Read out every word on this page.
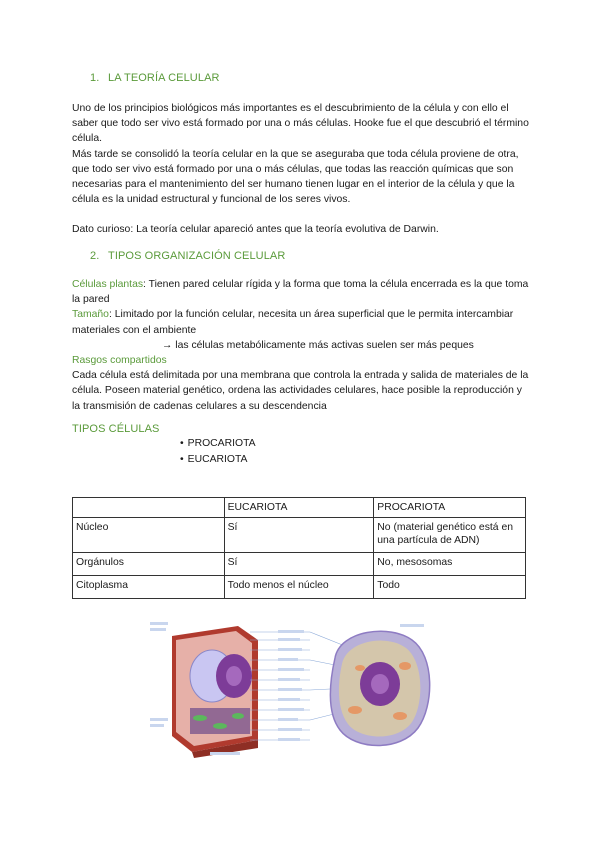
1. LA TEORÍA CELULAR

Uno de los principios biológicos más importantes es el descubrimiento de la célula y con ello el saber que todo ser vivo está formado por una o más células. Hooke fue el que descubrió el término célula.

Más tarde se consolidó la teoría celular en la que se aseguraba que toda célula proviene de otra, que todo ser vivo está formado por una o más células, que todas las reacción químicas que son necesarias para el mantenimiento del ser humano tienen lugar en el interior de la célula y que la célula es la unidad estructural y funcional de los seres vivos.

Dato curioso: La teoría celular apareció antes que la teoría evolutiva de Darwin.

2. TIPOS ORGANIZACIÓN CELULAR

Células plantas: Tienen pared celular rígida y la forma que toma la célula encerrada es la que toma la pared

Tamaño: Limitado por la función celular, necesita un área superficial que le permita intercambiar materiales con el ambiente

→ las células metabólicamente más activas suelen ser más peques

Rasgos compartidos

Cada célula está delimitada por una membrana que controla la entrada y salida de materiales de la célula. Poseen material genético, ordena las actividades celulares, hace posible la reproducción y la transmisión de cadenas celulares a su descendencia

TIPOS CÉLULAS
• PROCARIOTA
• EUCARIOTA
	EUCARIOTA	PROCARIOTA
Núcleo	Sí	No (material genético está en una partícula de ADN)
Orgánulos	Sí	No, mesosomas
Citoplasma	Todo menos el núcleo	Todo
